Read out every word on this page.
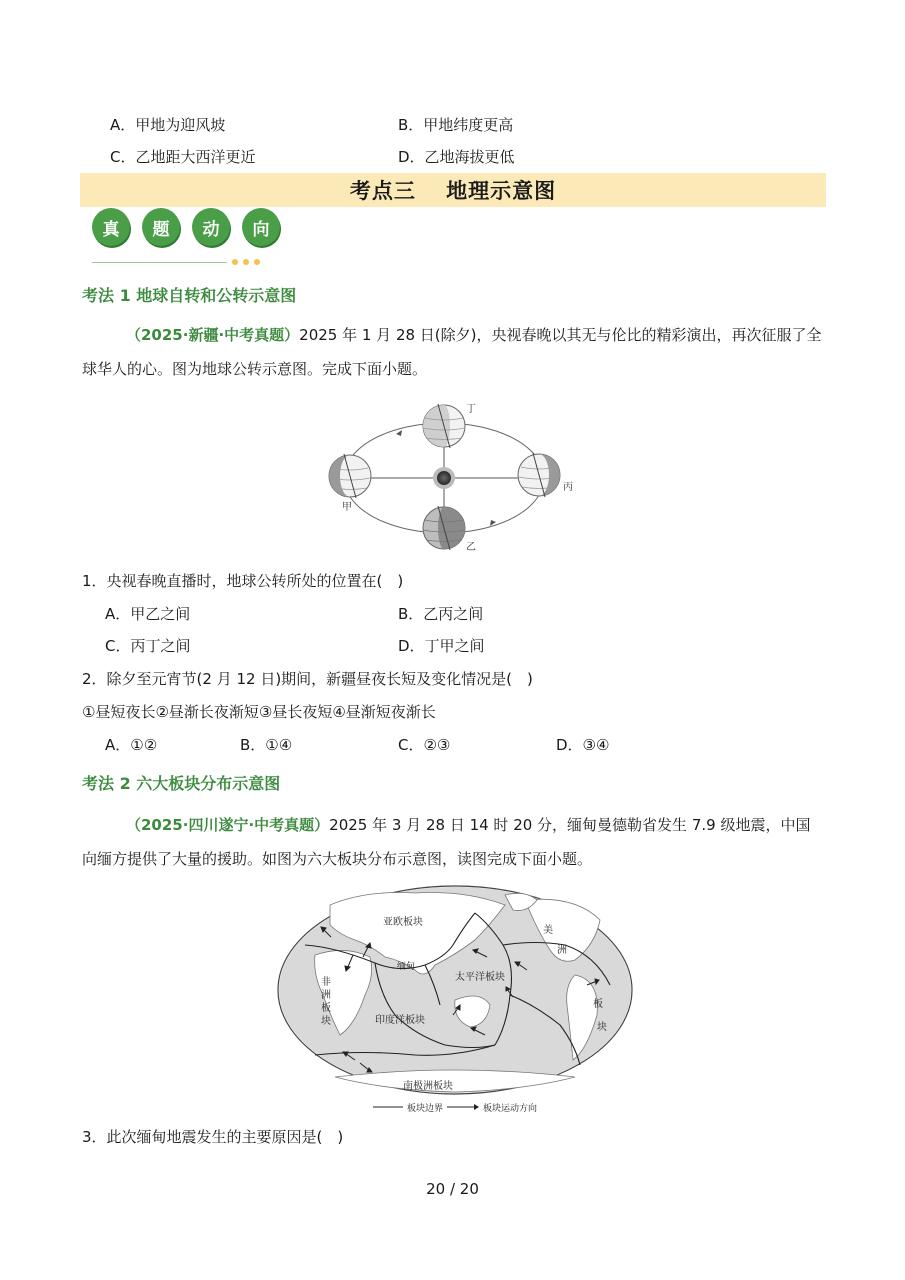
A．甲地为迎风坡	B．甲地纬度更高
C．乙地距大西洋更近	D．乙地海拔更低
考点三　 地理示意图
真	题	动	向
考法 1 地球自转和公转示意图
（2025·新疆·中考真题）2025 年 1 月 28 日(除夕)，央视春晚以其无与伦比的精彩演出，再次征服了全球华人的心。图为地球公转示意图。完成下面小题。
甲
乙
丙
丁
1．央视春晚直播时，地球公转所处的位置在(　)
A．甲乙之间	B．乙丙之间
C．丙丁之间	D．丁甲之间
2．除夕至元宵节(2 月 12 日)期间，新疆昼夜长短及变化情况是(　)
①昼短夜长②昼渐长夜渐短③昼长夜短④昼渐短夜渐长
A．①②	B．①④	C．②③	D．③④
考法 2 六大板块分布示意图
（2025·四川遂宁·中考真题）2025 年 3 月 28 日 14 时 20 分，缅甸曼德勒省发生 7.9 级地震，中国向缅方提供了大量的援助。如图为六大板块分布示意图，读图完成下面小题。
亚欧板块
缅甸
太平洋板块
非
洲
板
块	印度洋板块
美
洲
板
块
南极洲板块
板块边界	板块运动方向
3．此次缅甸地震发生的主要原因是(　)
20 / 20
